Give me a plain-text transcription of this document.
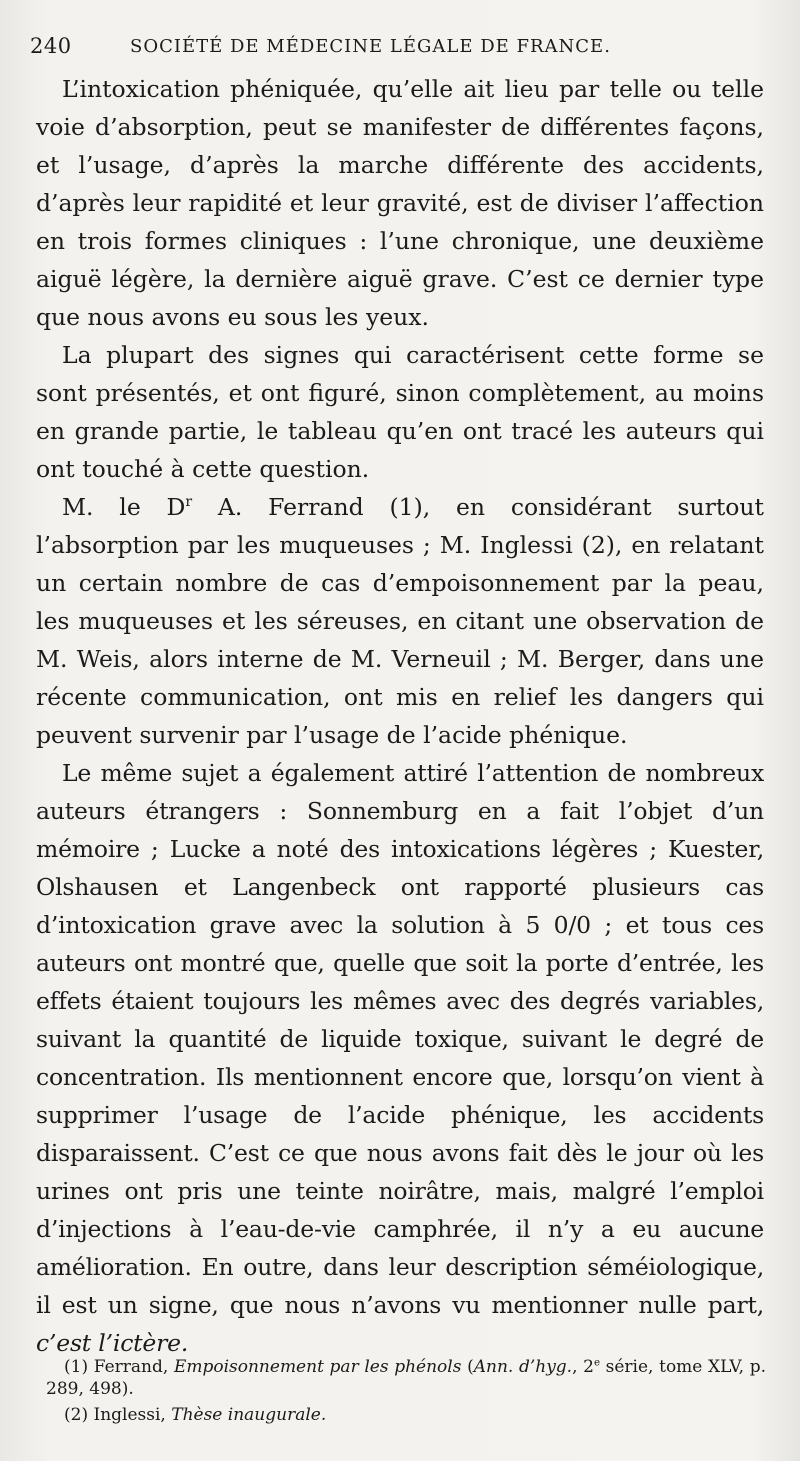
240	SOCIÉTÉ DE MÉDECINE LÉGALE DE FRANCE.

L’intoxication phéniquée, qu’elle ait lieu par telle ou telle voie d’absorption, peut se manifester de différentes façons, et l’usage, d’après la marche différente des accidents, d’après leur rapidité et leur gravité, est de diviser l’affection en trois formes cliniques : l’une chronique, une deuxième aiguë légère, la dernière aiguë grave. C’est ce dernier type que nous avons eu sous les yeux.

La plupart des signes qui caractérisent cette forme se sont présentés, et ont figuré, sinon complètement, au moins en grande partie, le tableau qu’en ont tracé les auteurs qui ont touché à cette question.

M. le $D^r$ A. Ferrand (1), en considérant surtout l’absorption par les muqueuses ; M. Inglessi (2), en relatant un certain nombre de cas d’empoisonnement par la peau, les muqueuses et les séreuses, en citant une observation de M. Weis, alors interne de M. Verneuil ; M. Berger, dans une récente communication, ont mis en relief les dangers qui peuvent survenir par l’usage de l’acide phénique.

Le même sujet a également attiré l’attention de nombreux auteurs étrangers : Sonnemburg en a fait l’objet d’un mémoire ; Lucke a noté des intoxications légères ; Kuester, Olshausen et Langenbeck ont rapporté plusieurs cas d’intoxication grave avec la solution à 5 0/0 ; et tous ces auteurs ont montré que, quelle que soit la porte d’entrée, les effets étaient toujours les mêmes avec des degrés variables, suivant la quantité de liquide toxique, suivant le degré de concentration. Ils mentionnent encore que, lorsqu’on vient à supprimer l’usage de l’acide phénique, les accidents disparaissent. C’est ce que nous avons fait dès le jour où les urines ont pris une teinte noirâtre, mais, malgré l’emploi d’injections à l’eau-de-vie camphrée, il n’y a eu aucune amélioration. En outre, dans leur description séméiologique, il est un signe, que nous n’avons vu mentionner nulle part, c’est l’ictère.

(1) Ferrand, Empoisonnement par les phénols (Ann. d’hyg., 2e série, tome XLV, p. 289, 498).

(2) Inglessi, Thèse inaugurale.
